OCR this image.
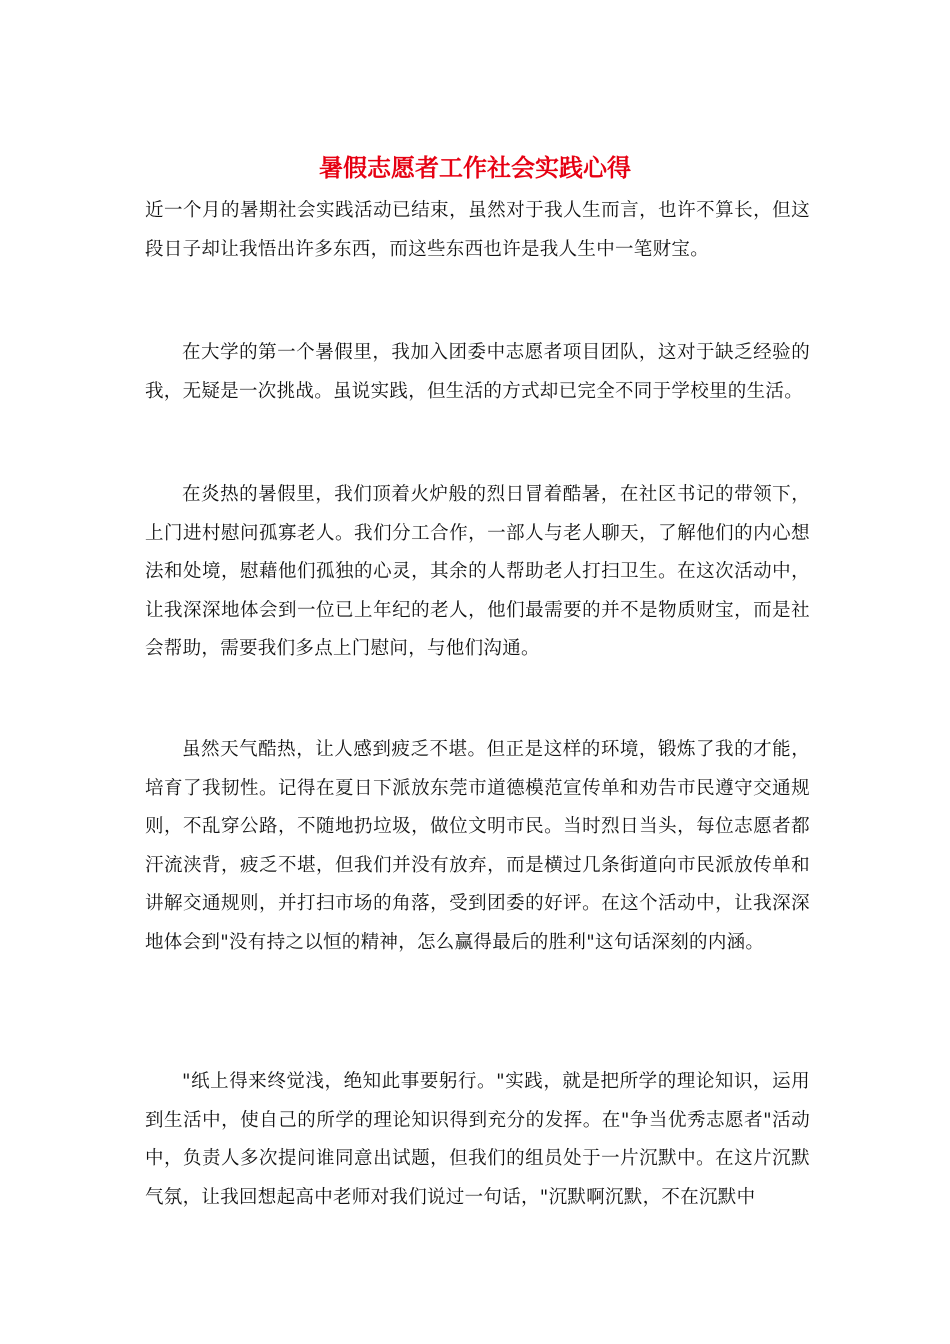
暑假志愿者工作社会实践心得

近一个月的暑期社会实践活动已结束，虽然对于我人生而言，也许不算长，但这段日子却让我悟出许多东西，而这些东西也许是我人生中一笔财宝。

在大学的第一个暑假里，我加入团委中志愿者项目团队，这对于缺乏经验的我，无疑是一次挑战。虽说实践，但生活的方式却已完全不同于学校里的生活。

在炎热的暑假里，我们顶着火炉般的烈日冒着酷暑，在社区书记的带领下，上门进村慰问孤寡老人。我们分工合作，一部人与老人聊天，了解他们的内心想法和处境，慰藉他们孤独的心灵，其余的人帮助老人打扫卫生。在这次活动中，让我深深地体会到一位已上年纪的老人，他们最需要的并不是物质财宝，而是社会帮助，需要我们多点上门慰问，与他们沟通。

虽然天气酷热，让人感到疲乏不堪。但正是这样的环境，锻炼了我的才能，培育了我韧性。记得在夏日下派放东莞市道德模范宣传单和劝告市民遵守交通规则，不乱穿公路，不随地扔垃圾，做位文明市民。当时烈日当头，每位志愿者都汗流浃背，疲乏不堪，但我们并没有放弃，而是横过几条街道向市民派放传单和讲解交通规则，并打扫市场的角落，受到团委的好评。在这个活动中，让我深深地体会到"没有持之以恒的精神，怎么赢得最后的胜利"这句话深刻的内涵。

"纸上得来终觉浅，绝知此事要躬行。"实践，就是把所学的理论知识，运用到生活中，使自己的所学的理论知识得到充分的发挥。在"争当优秀志愿者"活动中，负责人多次提问谁同意出试题，但我们的组员处于一片沉默中。在这片沉默气氛，让我回想起高中老师对我们说过一句话，"沉默啊沉默，不在沉默中
